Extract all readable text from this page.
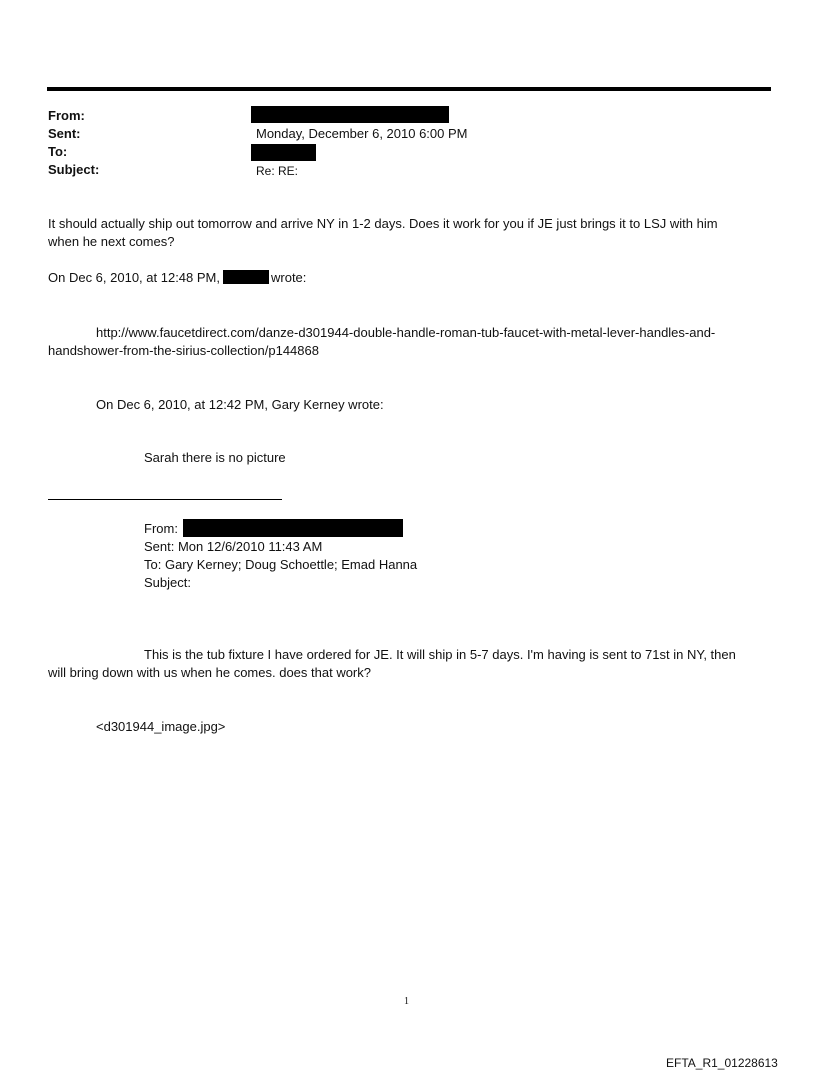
From:
Sent:	Monday, December 6, 2010 6:00 PM
To:
Subject:	Re: RE:
It should actually ship out tomorrow and arrive NY in 1-2 days. Does it work for you if JE just brings it to LSJ with him
when he next comes?
On Dec 6, 2010, at 12:48 PM,	wrote:
http://www.faucetdirect.com/danze-d301944-double-handle-roman-tub-faucet-with-metal-lever-handles-and-
handshower-from-the-sirius-collection/p144868
On Dec 6, 2010, at 12:42 PM, Gary Kerney wrote:
Sarah there is no picture
From:
Sent: Mon 12/6/2010 11:43 AM
To: Gary Kerney; Doug Schoettle; Emad Hanna
Subject:
This is the tub fixture I have ordered for JE. It will ship in 5-7 days. I'm having is sent to 71st in NY, then
will bring down with us when he comes. does that work?
<d301944_image.jpg>
1
EFTA_R1_01228613
